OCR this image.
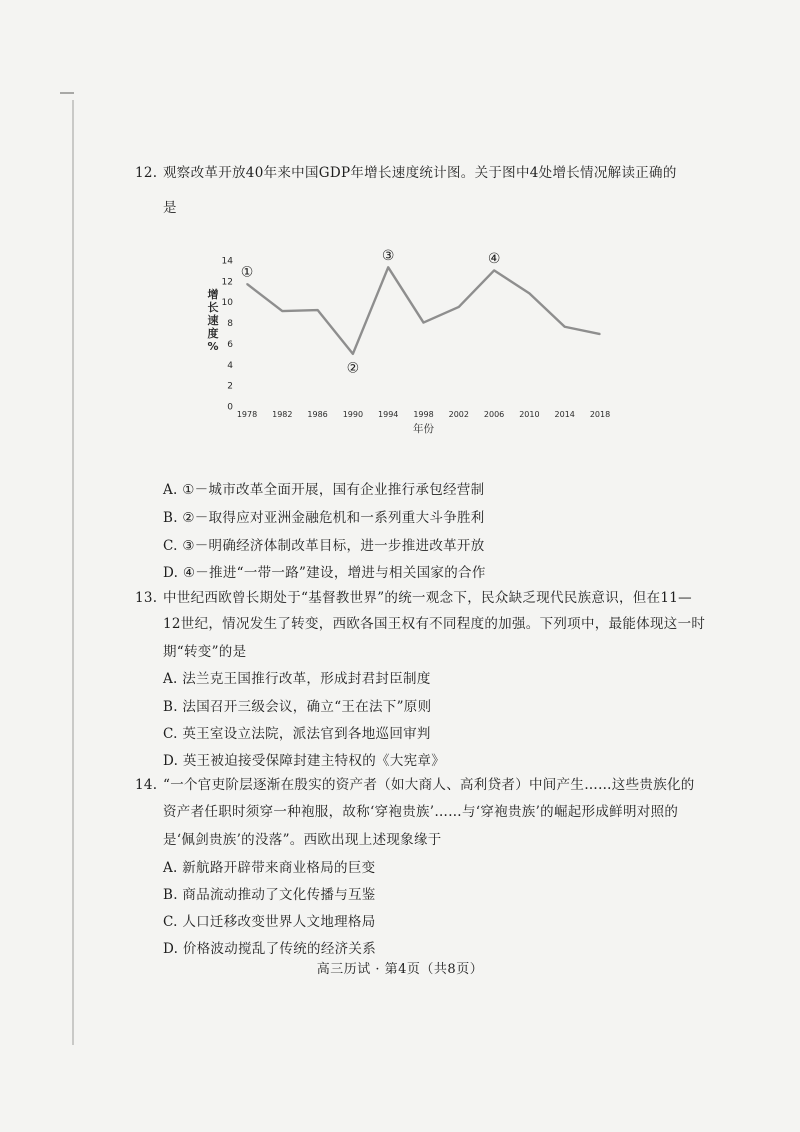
12. 观察改革开放40年来中国GDP年增长速度统计图。关于图中4处增长情况解读正确的
是
0
2
4
6
8
10
12
14
1978 1982 1986 1990 1994 1998 2002 2006 2010 2014 2018
增
长
速
度
%
年份
①
②
③	④
A. ①－城市改革全面开展，国有企业推行承包经营制
B. ②－取得应对亚洲金融危机和一系列重大斗争胜利
C. ③－明确经济体制改革目标，进一步推进改革开放
D. ④－推进“一带一路”建设，增进与相关国家的合作
13. 中世纪西欧曾长期处于“基督教世界”的统一观念下，民众缺乏现代民族意识，但在11—
12世纪，情况发生了转变，西欧各国王权有不同程度的加强。下列项中，最能体现这一时
期“转变”的是
A. 法兰克王国推行改革，形成封君封臣制度
B. 法国召开三级会议，确立“王在法下”原则
C. 英王室设立法院，派法官到各地巡回审判
D. 英王被迫接受保障封建主特权的《大宪章》
14. “一个官吏阶层逐渐在殷实的资产者（如大商人、高利贷者）中间产生……这些贵族化的
资产者任职时须穿一种袍服，故称‘穿袍贵族’……与‘穿袍贵族’的崛起形成鲜明对照的
是‘佩剑贵族’的没落”。西欧出现上述现象缘于
A. 新航路开辟带来商业格局的巨变
B. 商品流动推动了文化传播与互鉴
C. 人口迁移改变世界人文地理格局
D. 价格波动搅乱了传统的经济关系
高三历试 · 第4页（共8页）
